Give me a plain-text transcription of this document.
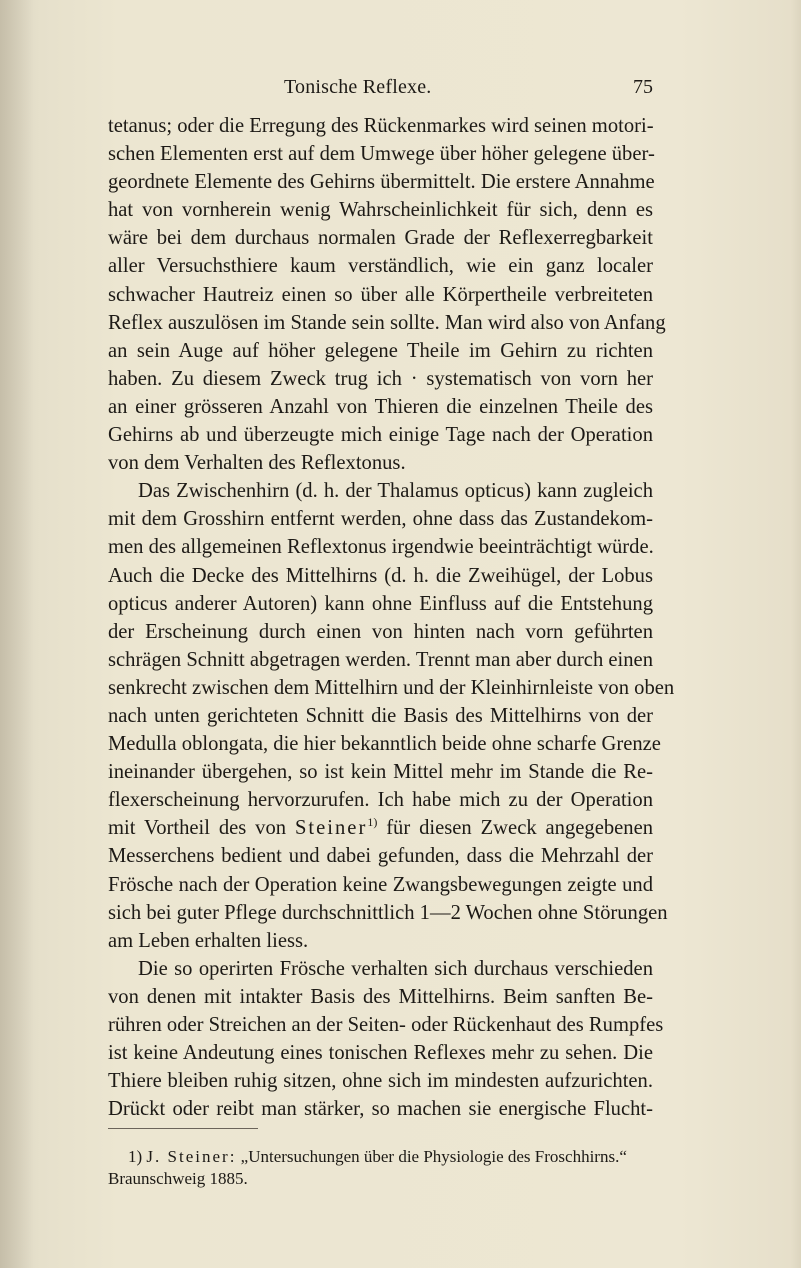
Tonische Reflexe.	75
tetanus; oder die Erregung des Rückenmarkes wird seinen motori-
schen Elementen erst auf dem Umwege über höher gelegene über-
geordnete Elemente des Gehirns übermittelt. Die erstere Annahme
hat von vornherein wenig Wahrscheinlichkeit für sich, denn es
wäre bei dem durchaus normalen Grade der Reflexerregbarkeit
aller Versuchsthiere kaum verständlich, wie ein ganz localer
schwacher Hautreiz einen so über alle Körpertheile verbreiteten
Reflex auszulösen im Stande sein sollte. Man wird also von Anfang
an sein Auge auf höher gelegene Theile im Gehirn zu richten
haben. Zu diesem Zweck trug ich · systematisch von vorn her
an einer grösseren Anzahl von Thieren die einzelnen Theile des
Gehirns ab und überzeugte mich einige Tage nach der Operation
von dem Verhalten des Reflextonus.
Das Zwischenhirn (d. h. der Thalamus opticus) kann zugleich
mit dem Grosshirn entfernt werden, ohne dass das Zustandekom-
men des allgemeinen Reflextonus irgendwie beeinträchtigt würde.
Auch die Decke des Mittelhirns (d. h. die Zweihügel, der Lobus
opticus anderer Autoren) kann ohne Einfluss auf die Entstehung
der Erscheinung durch einen von hinten nach vorn geführten
schrägen Schnitt abgetragen werden. Trennt man aber durch einen
senkrecht zwischen dem Mittelhirn und der Kleinhirnleiste von oben
nach unten gerichteten Schnitt die Basis des Mittelhirns von der
Medulla oblongata, die hier bekanntlich beide ohne scharfe Grenze
ineinander übergehen, so ist kein Mittel mehr im Stande die Re-
flexerscheinung hervorzurufen. Ich habe mich zu der Operation
mit Vortheil des von Steiner$^{1)}$ für diesen Zweck angegebenen
Messerchens bedient und dabei gefunden, dass die Mehrzahl der
Frösche nach der Operation keine Zwangsbewegungen zeigte und
sich bei guter Pflege durchschnittlich 1—2 Wochen ohne Störungen
am Leben erhalten liess.
Die so operirten Frösche verhalten sich durchaus verschieden
von denen mit intakter Basis des Mittelhirns. Beim sanften Be-
rühren oder Streichen an der Seiten- oder Rückenhaut des Rumpfes
ist keine Andeutung eines tonischen Reflexes mehr zu sehen. Die
Thiere bleiben ruhig sitzen, ohne sich im mindesten aufzurichten.
Drückt oder reibt man stärker, so machen sie energische Flucht-
1) J. Steiner: „Untersuchungen über die Physiologie des Froschhirns.“
Braunschweig 1885.
